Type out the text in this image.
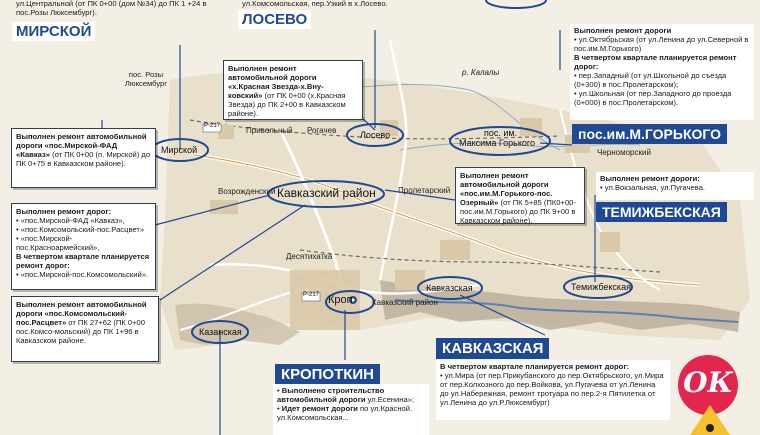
ул.Центральной (от ПК 0+00 (дом №34) до ПК 1 +24 в пос.Розы Люксембург).
ул.Комсомольская, пер.Узкий в х.Лосево.
МИРСКОЙ
ЛОСЕВО
пос.им.М.ГОРЬКОГО
ТЕМИЖБЕКСКАЯ
КАВКАЗСКАЯ
КРОПОТКИН
Выполнен ремонт автомобильной дороги «х.Красная Звезда-х.Вну-ковский» (от ПК 0+00 (х.Красная Звезда) до ПК 2+00 в Кавказском районе).
Выполнен ремонт автомобильной дороги «пос.Мирской-ФАД «Кавказ» (от ПК 0+00 (п. Мирской) до ПК 0+75 в Кавказском районе).
Выполнен ремонт дорог:
• «пос.Мирской-ФАД «Кавказ»,
• «пос.Комсомольский-пос.Расцвет»
• «пос.Мирской-пос.Красноармейский»,
В четвертом квартале планируется ремонт дорог:
• «пос.Мирской-пос.Комсомольский».
Выполнен ремонт автомобильной дороги «пос.Комсомольский-пос.Расцвет» от ПК 27+62 (ПК 0+00 пос.Комсо-мольский) до ПК 1+96 в Кавказском районе.
Выполнен ремонт автомобильной дороги «пос.им.М.Горького-пос. Озерный» (от ПК 5+85 (ПК0+00-пос.им.М.Горького) до ПК 9+00 в Кавказском районе).
Выполнен ремонт дороги
• ул.Октябрьская (от ул.Ленина до ул.Северной в пос.им.М.Горького)
В четвертом квартале планируется ремонт дорог:
• пер.Западный (от ул.Школьной до съезда (0+300) в пос.Пролетарском);
• ул.Школьная (от пер.Западного до проезда (0+000) в пос.Пролетарском).
Выполнен ремонт дороги:
• ул.Вокзальная, ул.Пугачева.
В четвертом квартале планируется ремонт дорог:
• ул.Мира (от пер.Прикубанского до пер.Октябрьского, ул.Мира от пер.Колхозного до пер.Войкова, ул.Пугачева от ул.Ленина до ул.Набережная, ремонт тротуара по пер.2-я Пятилетка от ул.Ленина до ул.Р.Люксембург)
• Выполнено строительство автомобильной дороги ул.Есенина»;
• Идет ремонт дороги по ул.Красной.
ул.Комсомольская...
пос. Розы Люксембург
Мирской
Привольный Рогачев	Лосево
р. Калалы
пос. им.
Максима Горького
Черноморский
Кавказский район
Возрожденский	Пролетарский
Десятихатка
Кавказская	Темижбекская
Казанская
Кроп Кавказский район
Р-217
Р-217
ОК
